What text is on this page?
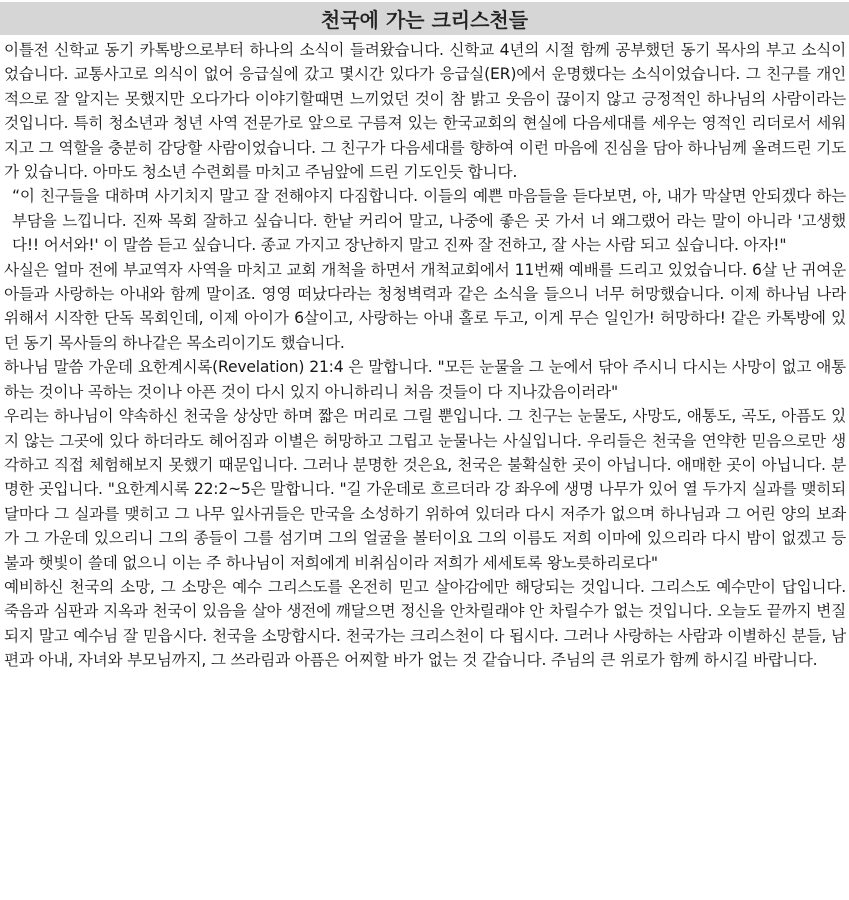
천국에 가는 크리스천들

이틀전 신학교 동기 카톡방으로부터 하나의 소식이 들려왔습니다. 신학교 4년의 시절 함께 공부했던 동기 목사의 부고 소식이었습니다. 교통사고로 의식이 없어 응급실에 갔고 몇시간 있다가 응급실(ER)에서 운명했다는 소식이었습니다. 그 친구를 개인적으로 잘 알지는 못했지만 오다가다 이야기할때면 느끼었던 것이 참 밝고 웃음이 끊이지 않고 긍정적인 하나님의 사람이라는 것입니다. 특히 청소년과 청년 사역 전문가로 앞으로 구름져 있는 한국교회의 현실에 다음세대를 세우는 영적인 리더로서 세워지고 그 역할을 충분히 감당할 사람이었습니다. 그 친구가 다음세대를 향하여 이런 마음에 진심을 담아 하나님께 올려드린 기도가 있습니다. 아마도 청소년 수련회를 마치고 주님앞에 드린 기도인듯 합니다.

“이 친구들을 대하며 사기치지 말고 잘 전해야지 다짐합니다. 이들의 예쁜 마음들을 듣다보면, 아, 내가 막살면 안되겠다 하는 부담을 느낍니다. 진짜 목회 잘하고 싶습니다. 한낱 커리어 말고, 나중에 좋은 곳 가서 너 왜그랬어 라는 말이 아니라 '고생했다!! 어서와!' 이 말씀 듣고 싶습니다. 종교 가지고 장난하지 말고 진짜 잘 전하고, 잘 사는 사람 되고 싶습니다. 아자!"

사실은 얼마 전에 부교역자 사역을 마치고 교회 개척을 하면서 개척교회에서 11번째 예배를 드리고 있었습니다. 6살 난 귀여운 아들과 사랑하는 아내와 함께 말이죠. 영영 떠났다라는 청청벽력과 같은 소식을 들으니 너무 허망했습니다. 이제 하나님 나라 위해서 시작한 단독 목회인데, 이제 아이가 6살이고, 사랑하는 아내 홀로 두고, 이게 무슨 일인가! 허망하다! 같은 카톡방에 있던 동기 목사들의 하나같은 목소리이기도 했습니다.

하나님 말씀 가운데 요한계시록(Revelation) 21:4 은 말합니다. "모든 눈물을 그 눈에서 닦아 주시니 다시는 사망이 없고 애통하는 것이나 곡하는 것이나 아픈 것이 다시 있지 아니하리니 처음 것들이 다 지나갔음이러라"

우리는 하나님이 약속하신 천국을 상상만 하며 짧은 머리로 그릴 뿐입니다. 그 친구는 눈물도, 사망도, 애통도, 곡도, 아픔도 있지 않는 그곳에 있다 하더라도 헤어짐과 이별은 허망하고 그립고 눈물나는 사실입니다. 우리들은 천국을 연약한 믿음으로만 생각하고 직접 체험해보지 못했기 때문입니다. 그러나 분명한 것은요, 천국은 불확실한 곳이 아닙니다. 애매한 곳이 아닙니다. 분명한 곳입니다. "요한계시록 22:2~5은 말합니다. "길 가운데로 흐르더라 강 좌우에 생명 나무가 있어 열 두가지 실과를 맺히되 달마다 그 실과를 맺히고 그 나무 잎사귀들은 만국을 소성하기 위하여 있더라 다시 저주가 없으며 하나님과 그 어린 양의 보좌가 그 가운데 있으리니 그의 종들이 그를 섬기며 그의 얼굴을 볼터이요 그의 이름도 저희 이마에 있으리라 다시 밤이 없겠고 등불과 햇빛이 쓸데 없으니 이는 주 하나님이 저희에게 비취심이라 저희가 세세토록 왕노릇하리로다"

예비하신 천국의 소망, 그 소망은 예수 그리스도를 온전히 믿고 살아감에만 해당되는 것입니다. 그리스도 예수만이 답입니다. 죽음과 심판과 지옥과 천국이 있음을 살아 생전에 깨달으면 정신을 안차릴래야 안 차릴수가 없는 것입니다. 오늘도 끝까지 변질되지 말고 예수님 잘 믿읍시다. 천국을 소망합시다. 천국가는 크리스천이 다 됩시다. 그러나 사랑하는 사람과 이별하신 분들, 남편과 아내, 자녀와 부모님까지, 그 쓰라림과 아픔은 어찌할 바가 없는 것 같습니다. 주님의 큰 위로가 함께 하시길 바랍니다.
